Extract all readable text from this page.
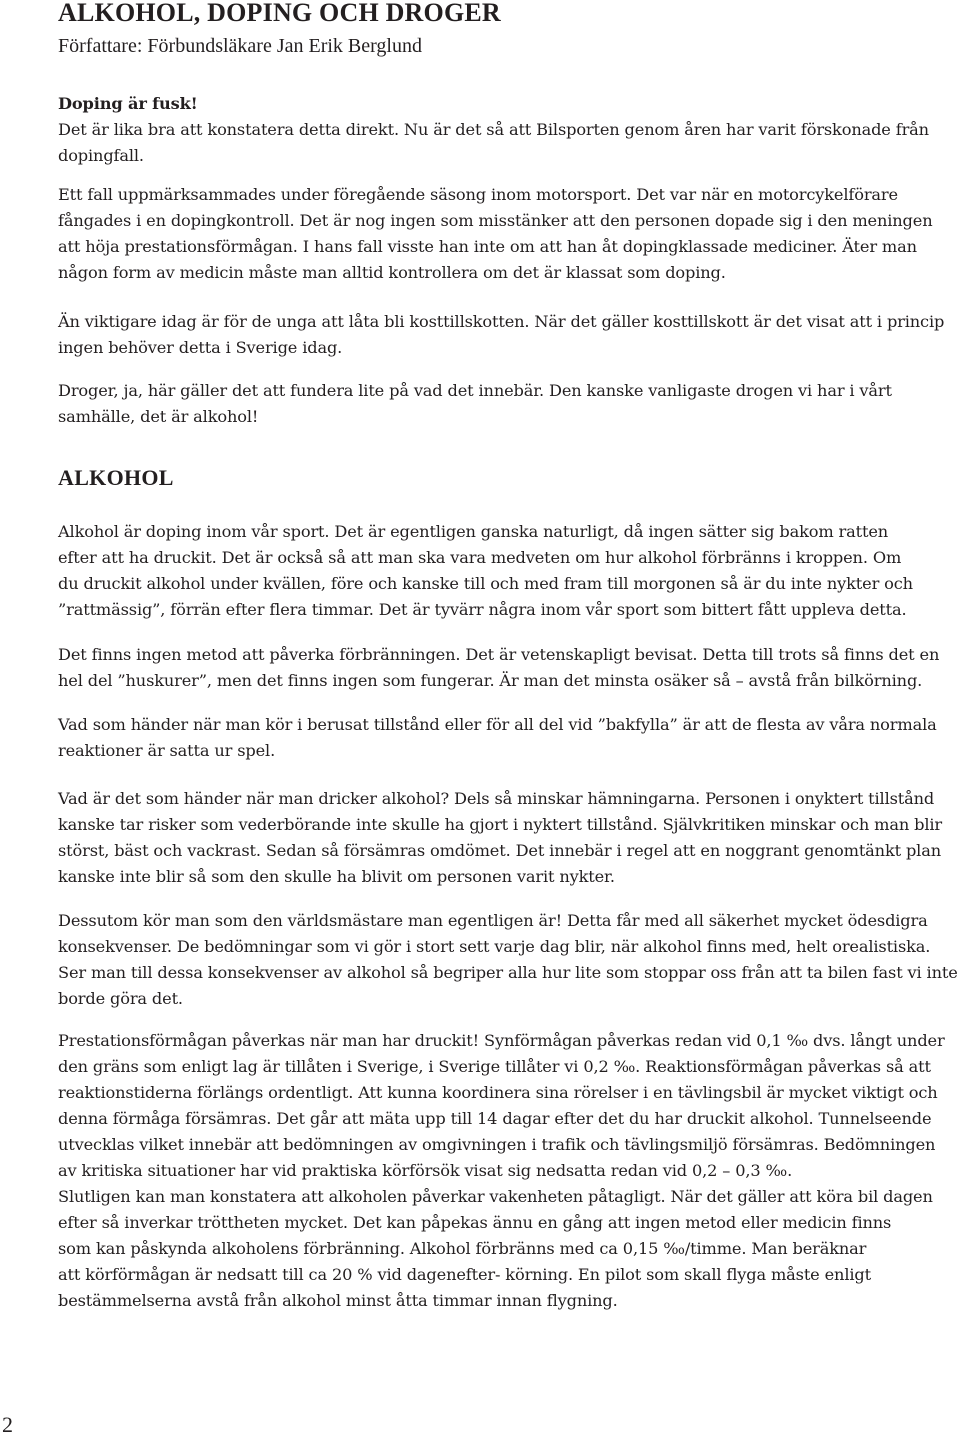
ALKOHOL, DOPING OCH DROGER
Författare: Förbundsläkare Jan Erik Berglund
Doping är fusk!
Det är lika bra att konstatera detta direkt. Nu är det så att Bilsporten genom åren har varit förskonade från
dopingfall.
Ett fall uppmärksammades under föregående säsong inom motorsport. Det var när en motorcykelförare
fångades i en dopingkontroll. Det är nog ingen som misstänker att den personen dopade sig i den meningen
att höja prestationsförmågan. I hans fall visste han inte om att han åt dopingklassade mediciner. Äter man
någon form av medicin måste man alltid kontrollera om det är klassat som doping.
Än viktigare idag är för de unga att låta bli kosttillskotten. När det gäller kosttillskott är det visat att i princip
ingen behöver detta i Sverige idag.
Droger, ja, här gäller det att fundera lite på vad det innebär. Den kanske vanligaste drogen vi har i vårt
samhälle, det är alkohol!
ALKOHOL
Alkohol är doping inom vår sport. Det är egentligen ganska naturligt, då ingen sätter sig bakom ratten
efter att ha druckit. Det är också så att man ska vara medveten om hur alkohol förbränns i kroppen. Om
du druckit alkohol under kvällen, före och kanske till och med fram till morgonen så är du inte nykter och
”rattmässig”, förrän efter flera timmar. Det är tyvärr några inom vår sport som bittert fått uppleva detta.
Det finns ingen metod att påverka förbränningen. Det är vetenskapligt bevisat. Detta till trots så finns det en
hel del ”huskurer”, men det finns ingen som fungerar. Är man det minsta osäker så – avstå från bilkörning.
Vad som händer när man kör i berusat tillstånd eller för all del vid ”bakfylla” är att de flesta av våra normala
reaktioner är satta ur spel.
Vad är det som händer när man dricker alkohol? Dels så minskar hämningarna. Personen i onyktert tillstånd
kanske tar risker som vederbörande inte skulle ha gjort i nyktert tillstånd. Självkritiken minskar och man blir
störst, bäst och vackrast. Sedan så försämras omdömet. Det innebär i regel att en noggrant genomtänkt plan
kanske inte blir så som den skulle ha blivit om personen varit nykter.
Dessutom kör man som den världsmästare man egentligen är! Detta får med all säkerhet mycket ödesdigra
konsekvenser. De bedömningar som vi gör i stort sett varje dag blir, när alkohol finns med, helt orealistiska.
Ser man till dessa konsekvenser av alkohol så begriper alla hur lite som stoppar oss från att ta bilen fast vi inte
borde göra det.
Prestationsförmågan påverkas när man har druckit! Synförmågan påverkas redan vid 0,1 ‰ dvs. långt under
den gräns som enligt lag är tillåten i Sverige, i Sverige tillåter vi 0,2 ‰. Reaktionsförmågan påverkas så att
reaktionstiderna förlängs ordentligt. Att kunna koordinera sina rörelser i en tävlingsbil är mycket viktigt och
denna förmåga försämras. Det går att mäta upp till 14 dagar efter det du har druckit alkohol. Tunnelseende
utvecklas vilket innebär att bedömningen av omgivningen i trafik och tävlingsmiljö försämras. Bedömningen
av kritiska situationer har vid praktiska körförsök visat sig nedsatta redan vid 0,2 – 0,3 ‰.
Slutligen kan man konstatera att alkoholen påverkar vakenheten påtagligt. När det gäller att köra bil dagen
efter så inverkar tröttheten mycket. Det kan påpekas ännu en gång att ingen metod eller medicin finns
som kan påskynda alkoholens förbränning. Alkohol förbränns med ca 0,15 ‰/timme. Man beräknar
att körförmågan är nedsatt till ca 20 % vid dagenefter- körning. En pilot som skall flyga måste enligt
bestämmelserna avstå från alkohol minst åtta timmar innan flygning.
2
